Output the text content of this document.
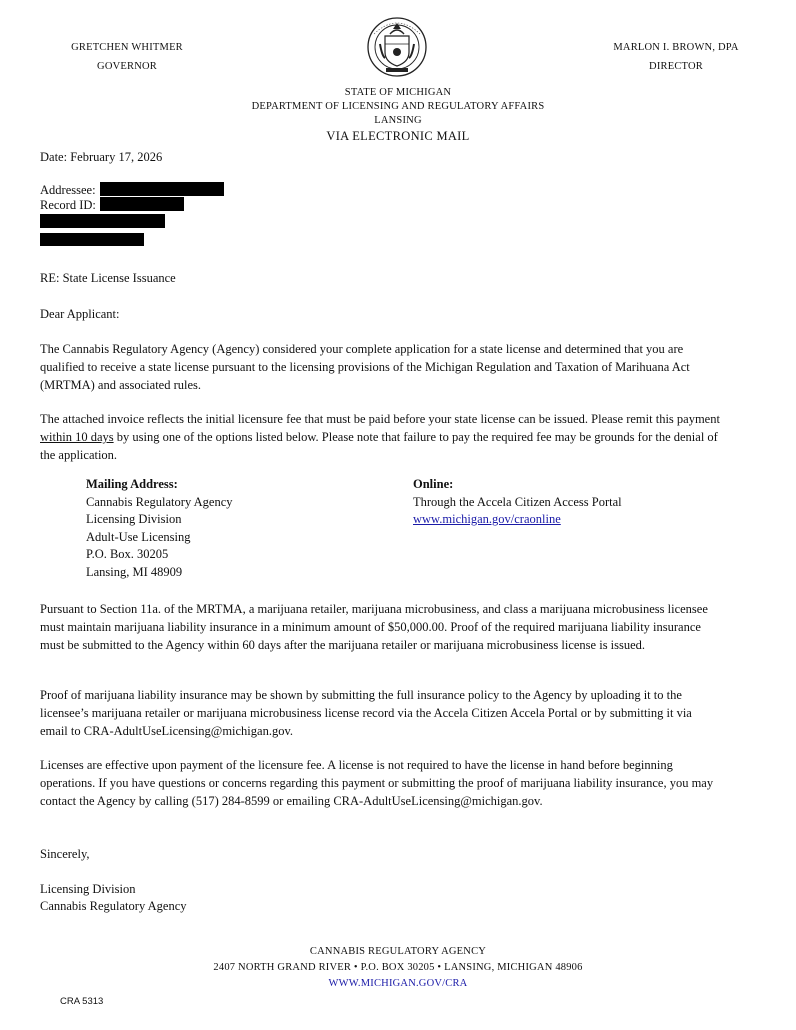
GRETCHEN WHITMER
GOVERNOR
MARLON I. BROWN, DPA
DIRECTOR
STATE OF MICHIGAN
DEPARTMENT OF LICENSING AND REGULATORY AFFAIRS
LANSING
VIA ELECTRONIC MAIL
Date: February 17, 2026
Addressee:
Record ID:
RE: State License Issuance
Dear Applicant:
The Cannabis Regulatory Agency (Agency) considered your complete application for a state license and determined that you are qualified to receive a state license pursuant to the licensing provisions of the Michigan Regulation and Taxation of Marihuana Act (MRTMA) and associated rules.
The attached invoice reflects the initial licensure fee that must be paid before your state license can be issued. Please remit this payment within 10 days by using one of the options listed below. Please note that failure to pay the required fee may be grounds for the denial of the application.
Mailing Address:
Cannabis Regulatory Agency
Licensing Division
Adult-Use Licensing
P.O. Box. 30205
Lansing, MI 48909
Online:
Through the Accela Citizen Access Portal
www.michigan.gov/craonline
Pursuant to Section 11a. of the MRTMA, a marijuana retailer, marijuana microbusiness, and class a marijuana microbusiness licensee must maintain marijuana liability insurance in a minimum amount of $50,000.00. Proof of the required marijuana liability insurance must be submitted to the Agency within 60 days after the marijuana retailer or marijuana microbusiness license is issued.
Proof of marijuana liability insurance may be shown by submitting the full insurance policy to the Agency by uploading it to the licensee’s marijuana retailer or marijuana microbusiness license record via the Accela Citizen Accela Portal or by submitting it via email to CRA-AdultUseLicensing@michigan.gov.
Licenses are effective upon payment of the licensure fee. A license is not required to have the license in hand before beginning operations. If you have questions or concerns regarding this payment or submitting the proof of marijuana liability insurance, you may contact the Agency by calling (517) 284-8599 or emailing CRA-AdultUseLicensing@michigan.gov.
Sincerely,
Licensing Division
Cannabis Regulatory Agency
CANNABIS REGULATORY AGENCY
2407 NORTH GRAND RIVER • P.O. BOX 30205 • LANSING, MICHIGAN 48906
WWW.MICHIGAN.GOV/CRA
CRA 5313
